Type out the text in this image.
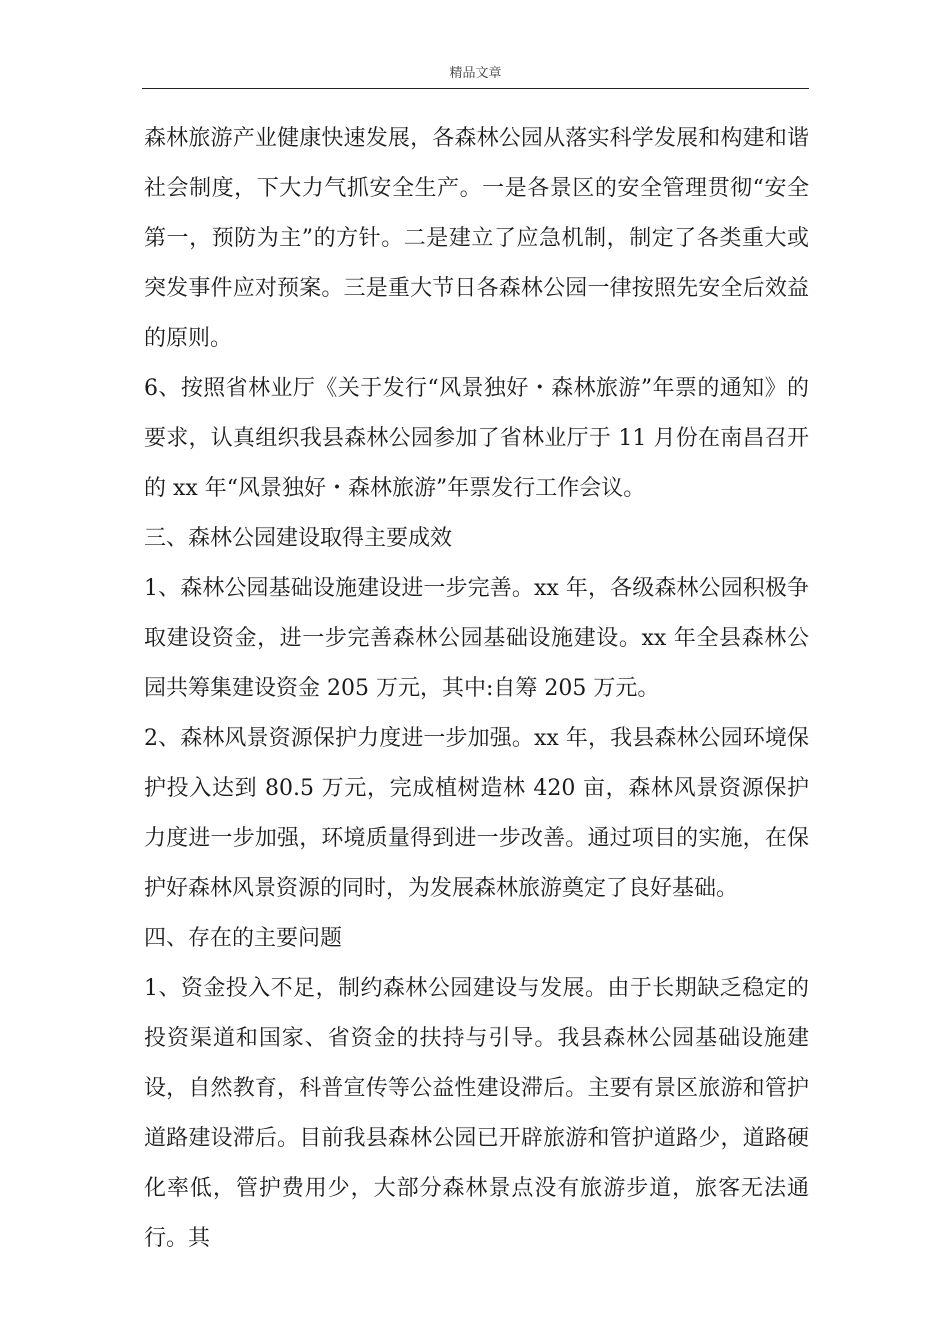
精品文章

森林旅游产业健康快速发展，各森林公园从落实科学发展和构建和谐社会制度，下大力气抓安全生产。一是各景区的安全管理贯彻“安全第一，预防为主”的方针。二是建立了应急机制，制定了各类重大或突发事件应对预案。三是重大节日各森林公园一律按照先安全后效益的原则。

6、按照省林业厅《关于发行“风景独好・森林旅游”年票的通知》的要求，认真组织我县森林公园参加了省林业厅于 11 月份在南昌召开的 xx 年“风景独好・森林旅游”年票发行工作会议。

三、森林公园建设取得主要成效

1、森林公园基础设施建设进一步完善。xx 年，各级森林公园积极争取建设资金，进一步完善森林公园基础设施建设。xx 年全县森林公园共筹集建设资金 205 万元，其中:自筹 205 万元。

2、森林风景资源保护力度进一步加强。xx 年，我县森林公园环境保护投入达到 80.5 万元，完成植树造林 420 亩，森林风景资源保护力度进一步加强，环境质量得到进一步改善。通过项目的实施，在保护好森林风景资源的同时，为发展森林旅游奠定了良好基础。

四、存在的主要问题

1、资金投入不足，制约森林公园建设与发展。由于长期缺乏稳定的投资渠道和国家、省资金的扶持与引导。我县森林公园基础设施建设，自然教育，科普宣传等公益性建设滞后。主要有景区旅游和管护道路建设滞后。目前我县森林公园已开辟旅游和管护道路少，道路硬化率低，管护费用少，大部分森林景点没有旅游步道，旅客无法通行。其
